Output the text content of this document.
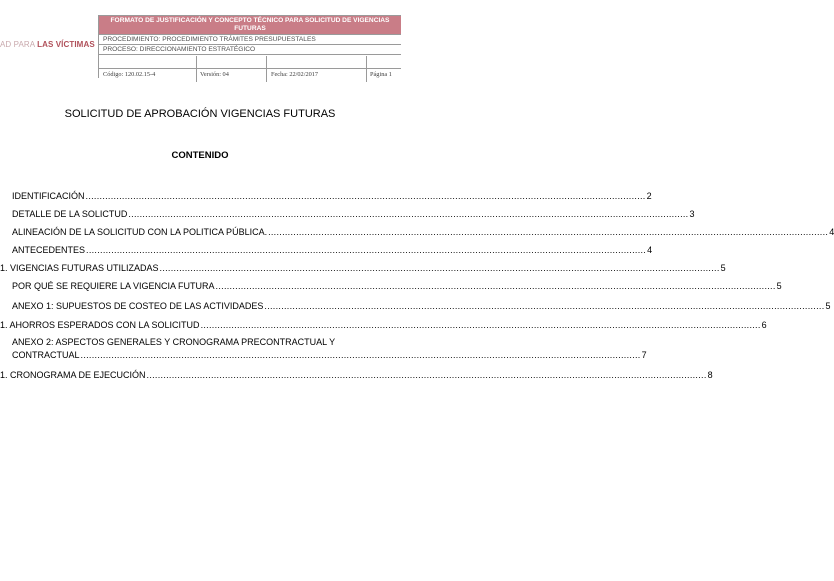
AD PARA LAS VÍCTIMAS
FORMATO DE JUSTIFICACIÓN Y CONCEPTO TÉCNICO PARA SOLICITUD DE VIGENCIAS FUTURAS
PROCEDIMIENTO: PROCEDIMIENTO TRÁMITES PRESUPUESTALES
PROCESO: DIRECCIONAMIENTO ESTRATÉGICO
Código: 120.02.15-4	Versión: 04	Fecha: 22/02/2017	Página 1
SOLICITUD DE APROBACIÓN VIGENCIAS FUTURAS
CONTENIDO
IDENTIFICACIÓN ........................................................................................................................................................................................................ 2
DETALLE DE LA SOLICTUD ........................................................................................................................................................................................................ 3
ALINEACIÓN DE LA SOLICITUD CON LA POLITICA PÚBLICA. ........................................................................................................................................................................................................ 4
ANTECEDENTES ........................................................................................................................................................................................................ 4
1. VIGENCIAS FUTURAS UTILIZADAS ........................................................................................................................................................................................................ 5
POR QUÉ SE REQUIERE LA VIGENCIA FUTURA ........................................................................................................................................................................................................ 5
ANEXO 1: SUPUESTOS DE COSTEO DE LAS ACTIVIDADES ........................................................................................................................................................................................................ 5
1. AHORROS ESPERADOS CON LA SOLICITUD ........................................................................................................................................................................................................ 6
ANEXO 2: ASPECTOS GENERALES Y CRONOGRAMA PRECONTRACTUAL Y
CONTRACTUAL ........................................................................................................................................................................................................ 7
1. CRONOGRAMA DE EJECUCIÓN ........................................................................................................................................................................................................ 8
